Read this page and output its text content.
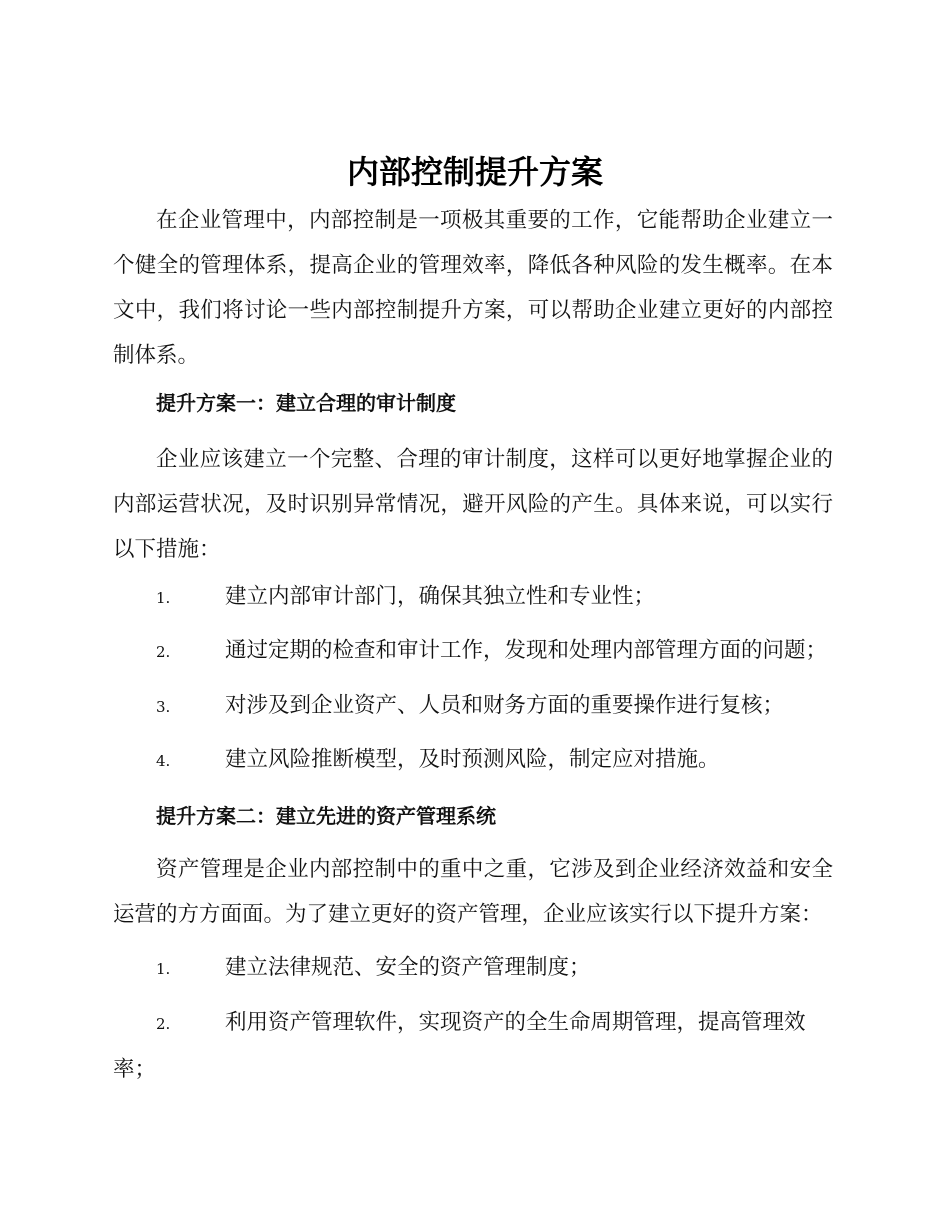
内部控制提升方案

在企业管理中，内部控制是一项极其重要的工作，它能帮助企业建立一个健全的管理体系，提高企业的管理效率，降低各种风险的发生概率。在本文中，我们将讨论一些内部控制提升方案，可以帮助企业建立更好的内部控制体系。

提升方案一：建立合理的审计制度

企业应该建立一个完整、合理的审计制度，这样可以更好地掌握企业的内部运营状况，及时识别异常情况，避开风险的产生。具体来说，可以实行以下措施：

1.	建立内部审计部门，确保其独立性和专业性；

2.	通过定期的检查和审计工作，发现和处理内部管理方面的问题；

3.	对涉及到企业资产、人员和财务方面的重要操作进行复核；

4.	建立风险推断模型，及时预测风险，制定应对措施。

提升方案二：建立先进的资产管理系统

资产管理是企业内部控制中的重中之重，它涉及到企业经济效益和安全运营的方方面面。为了建立更好的资产管理，企业应该实行以下提升方案：

1.	建立法律规范、安全的资产管理制度；

2.	利用资产管理软件，实现资产的全生命周期管理，提高管理效率；
